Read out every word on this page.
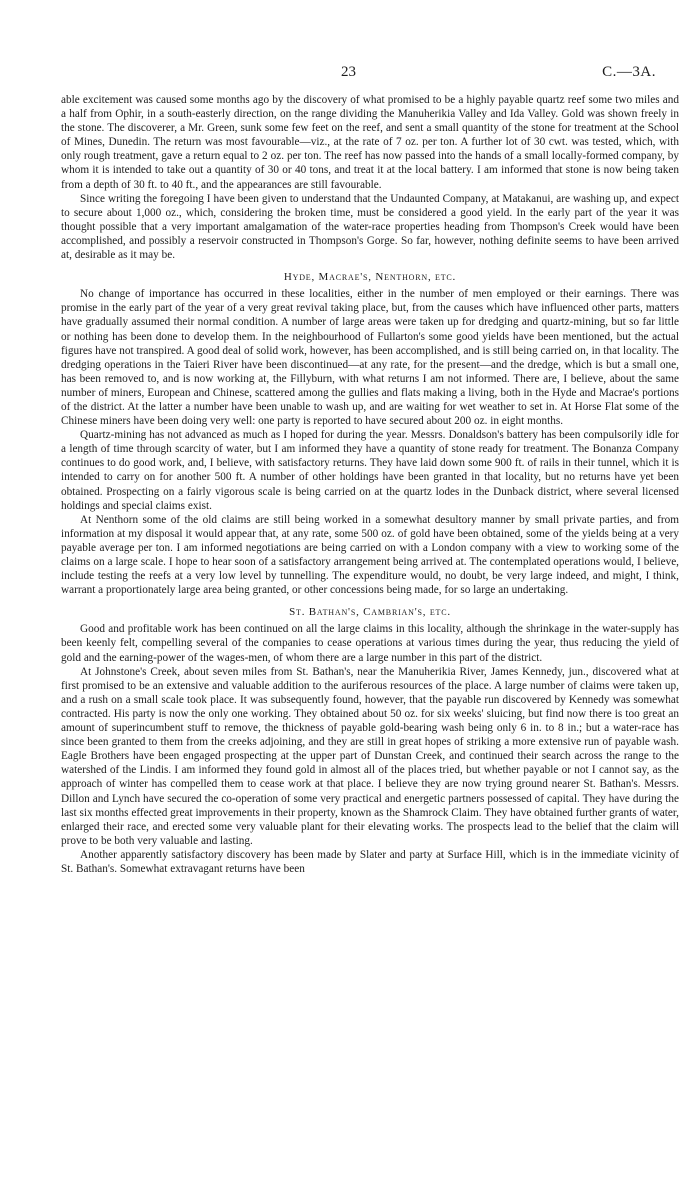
23	C.—3A.

able excitement was caused some months ago by the discovery of what promised to be a highly payable quartz reef some two miles and a half from Ophir, in a south-easterly direction, on the range dividing the Manuherikia Valley and Ida Valley. Gold was shown freely in the stone. The discoverer, a Mr. Green, sunk some few feet on the reef, and sent a small quantity of the stone for treatment at the School of Mines, Dunedin. The return was most favourable—viz., at the rate of 7 oz. per ton. A further lot of 30 cwt. was tested, which, with only rough treatment, gave a return equal to 2 oz. per ton. The reef has now passed into the hands of a small locally-formed company, by whom it is intended to take out a quantity of 30 or 40 tons, and treat it at the local battery. I am informed that stone is now being taken from a depth of 30 ft. to 40 ft., and the appearances are still favourable.

Since writing the foregoing I have been given to understand that the Undaunted Company, at Matakanui, are washing up, and expect to secure about 1,000 oz., which, considering the broken time, must be considered a good yield. In the early part of the year it was thought possible that a very important amalgamation of the water-race properties heading from Thompson's Creek would have been accomplished, and possibly a reservoir constructed in Thompson's Gorge. So far, however, nothing definite seems to have been arrived at, desirable as it may be.

Hyde, Macrae's, Nenthorn, etc.

No change of importance has occurred in these localities, either in the number of men employed or their earnings. There was promise in the early part of the year of a very great revival taking place, but, from the causes which have influenced other parts, matters have gradually assumed their normal condition. A number of large areas were taken up for dredging and quartz-mining, but so far little or nothing has been done to develop them. In the neighbourhood of Fullarton's some good yields have been mentioned, but the actual figures have not transpired. A good deal of solid work, however, has been accomplished, and is still being carried on, in that locality. The dredging operations in the Taieri River have been discontinued—at any rate, for the present—and the dredge, which is but a small one, has been removed to, and is now working at, the Fillyburn, with what returns I am not informed. There are, I believe, about the same number of miners, European and Chinese, scattered among the gullies and flats making a living, both in the Hyde and Macrae's portions of the district. At the latter a number have been unable to wash up, and are waiting for wet weather to set in. At Horse Flat some of the Chinese miners have been doing very well: one party is reported to have secured about 200 oz. in eight months.

Quartz-mining has not advanced as much as I hoped for during the year. Messrs. Donaldson's battery has been compulsorily idle for a length of time through scarcity of water, but I am informed they have a quantity of stone ready for treatment. The Bonanza Company continues to do good work, and, I believe, with satisfactory returns. They have laid down some 900 ft. of rails in their tunnel, which it is intended to carry on for another 500 ft. A number of other holdings have been granted in that locality, but no returns have yet been obtained. Prospecting on a fairly vigorous scale is being carried on at the quartz lodes in the Dunback district, where several licensed holdings and special claims exist.

At Nenthorn some of the old claims are still being worked in a somewhat desultory manner by small private parties, and from information at my disposal it would appear that, at any rate, some 500 oz. of gold have been obtained, some of the yields being at a very payable average per ton. I am informed negotiations are being carried on with a London company with a view to working some of the claims on a large scale. I hope to hear soon of a satisfactory arrangement being arrived at. The contemplated operations would, I believe, include testing the reefs at a very low level by tunnelling. The expenditure would, no doubt, be very large indeed, and might, I think, warrant a proportionately large area being granted, or other concessions being made, for so large an undertaking.

St. Bathan's, Cambrian's, etc.

Good and profitable work has been continued on all the large claims in this locality, although the shrinkage in the water-supply has been keenly felt, compelling several of the companies to cease operations at various times during the year, thus reducing the yield of gold and the earning-power of the wages-men, of whom there are a large number in this part of the district.

At Johnstone's Creek, about seven miles from St. Bathan's, near the Manuherikia River, James Kennedy, jun., discovered what at first promised to be an extensive and valuable addition to the auriferous resources of the place. A large number of claims were taken up, and a rush on a small scale took place. It was subsequently found, however, that the payable run discovered by Kennedy was somewhat contracted. His party is now the only one working. They obtained about 50 oz. for six weeks' sluicing, but find now there is too great an amount of superincumbent stuff to remove, the thickness of payable gold-bearing wash being only 6 in. to 8 in.; but a water-race has since been granted to them from the creeks adjoining, and they are still in great hopes of striking a more extensive run of payable wash. Eagle Brothers have been engaged prospecting at the upper part of Dunstan Creek, and continued their search across the range to the watershed of the Lindis. I am informed they found gold in almost all of the places tried, but whether payable or not I cannot say, as the approach of winter has compelled them to cease work at that place. I believe they are now trying ground nearer St. Bathan's. Messrs. Dillon and Lynch have secured the co-operation of some very practical and energetic partners possessed of capital. They have during the last six months effected great improvements in their property, known as the Shamrock Claim. They have obtained further grants of water, enlarged their race, and erected some very valuable plant for their elevating works. The prospects lead to the belief that the claim will prove to be both very valuable and lasting.

Another apparently satisfactory discovery has been made by Slater and party at Surface Hill, which is in the immediate vicinity of St. Bathan's. Somewhat extravagant returns have been
